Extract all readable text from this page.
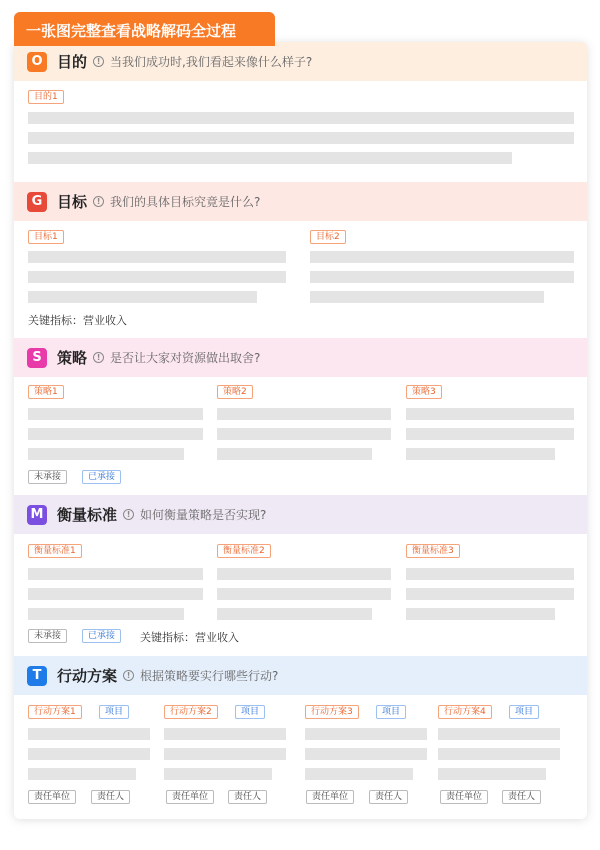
一张图完整查看战略解码全过程
O 目的	! 当我们成功时,我们看起来像什么样子?
目的1
G 目标	! 我们的具体目标究竟是什么?
目标1	目标2
关键指标：营业收入
S	策略	! 是否让大家对资源做出取舍?
策略1	策略2	策略3
未承接	已承接
M 衡量标准	! 如何衡量策略是否实现?
衡量标准1	衡量标准2	衡量标准3
未承接	已承接	关键指标：营业收入
T	行动方案	! 根据策略要实行哪些行动?
行动方案1	项目	行动方案2	项目	行动方案3	项目	行动方案4	项目
责任单位	责任人	责任单位	责任人	责任单位	责任人	责任单位	责任人
